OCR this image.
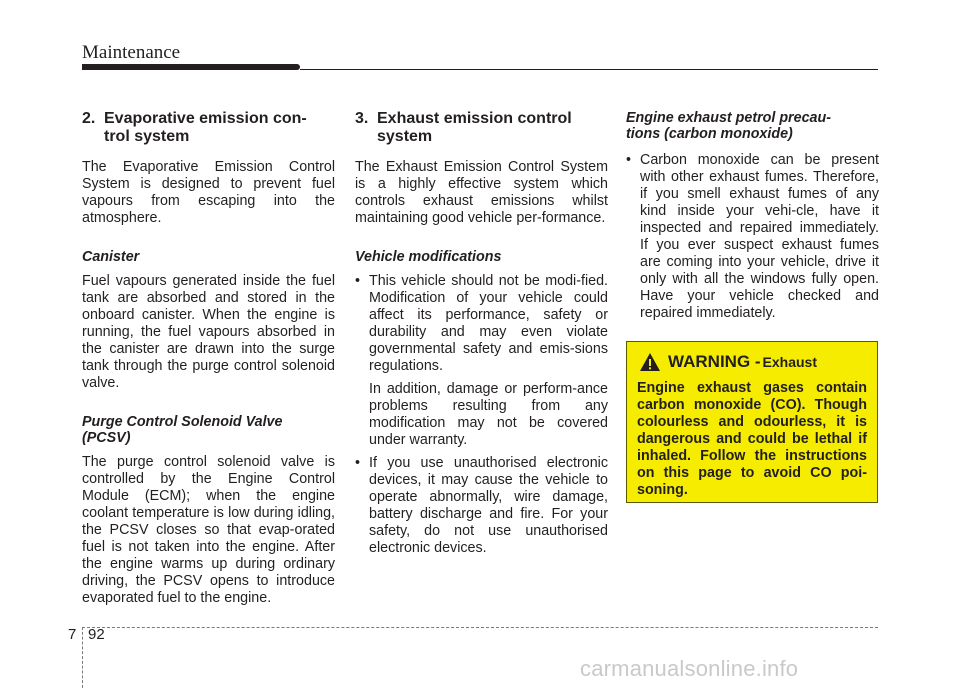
Maintenance
2. Evaporative emission con-
trol system

The Evaporative Emission Control System is designed to prevent fuel vapours from escaping into the atmosphere.

Canister

Fuel vapours generated inside the fuel tank are absorbed and stored in the onboard canister. When the engine is running, the fuel vapours absorbed in the canister are drawn into the surge tank through the purge control solenoid valve.

Purge Control Solenoid Valve
(PCSV)

The purge control solenoid valve is controlled by the Engine Control Module (ECM); when the engine coolant temperature is low during idling, the PCSV closes so that evap-orated fuel is not taken into the engine. After the engine warms up during ordinary driving, the PCSV opens to introduce evaporated fuel to the engine.

3. Exhaust emission control
system

The Exhaust Emission Control System is a highly effective system which controls exhaust emissions whilst maintaining good vehicle per-formance.

Vehicle modifications
• This vehicle should not be modi-fied. Modification of your vehicle could affect its performance, safety or durability and may even violate governmental safety and emis-sions regulations.
In addition, damage or perform-ance problems resulting from any modification may not be covered under warranty.
• If you use unauthorised electronic devices, it may cause the vehicle to operate abnormally, wire damage, battery discharge and fire. For your safety, do not use unauthorised electronic devices.
Engine exhaust petrol precau-
tions (carbon monoxide)
• Carbon monoxide can be present with other exhaust fumes. Therefore, if you smell exhaust fumes of any kind inside your vehi-cle, have it inspected and repaired immediately. If you ever suspect exhaust fumes are coming into your vehicle, drive it only with all the windows fully open. Have your vehicle checked and repaired immediately.
WARNING - Exhaust

Engine exhaust gases contain carbon monoxide (CO). Though colourless and odourless, it is dangerous and could be lethal if inhaled. Follow the instructions on this page to avoid CO poi-soning.

7 92
carmanualsonline.info
